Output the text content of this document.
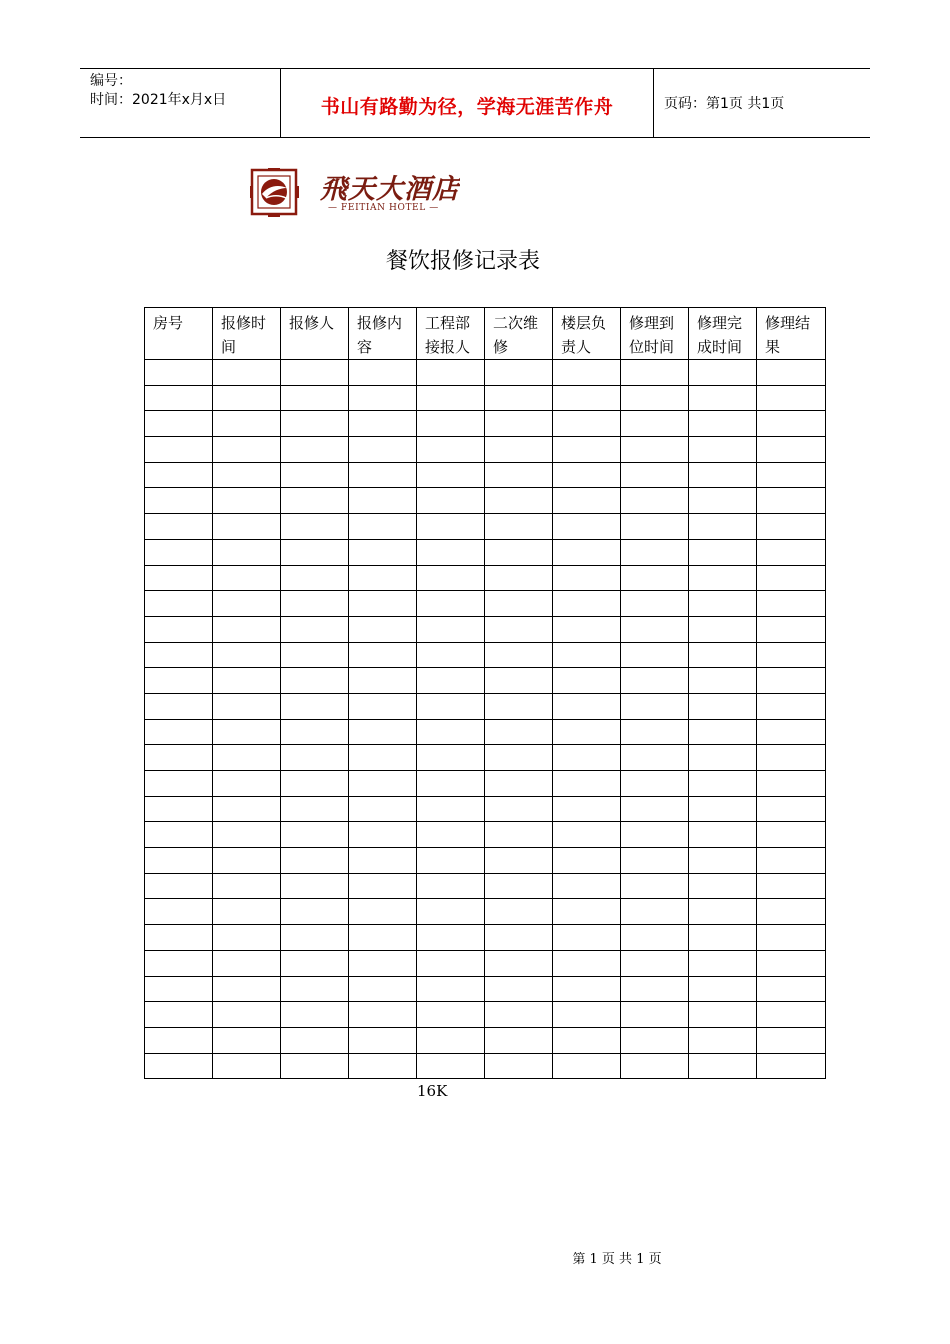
编号：
时间：2021年x月x日	书山有路勤为径，学海无涯苦作舟	页码：第1页 共1页
飛天大酒店
— FEITIAN HOTEL —
餐饮报修记录表
房号	报修时间	报修人	报修内容	工程部接报人	二次维修	楼层负责人	修理到位时间	修理完成时间	修理结果

16K
第 1 页 共 1 页
